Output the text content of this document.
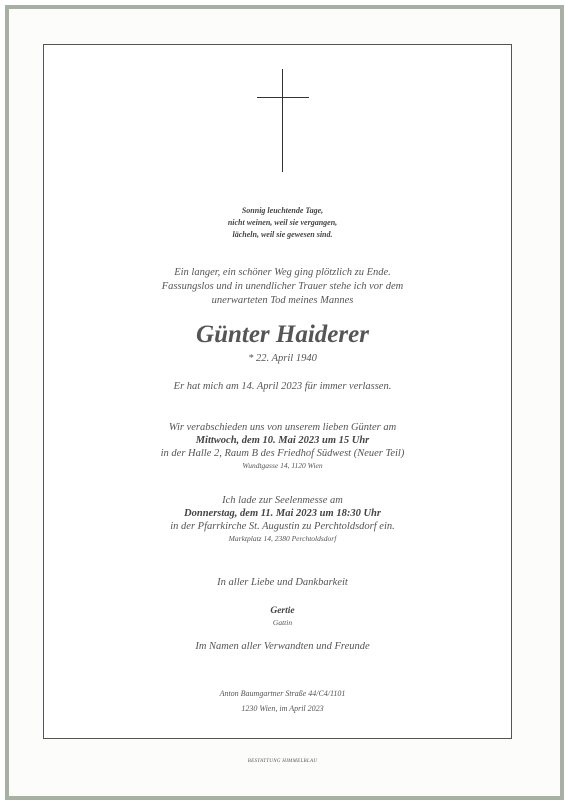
Sonnig leuchtende Tage,
nicht weinen, weil sie vergangen,
lächeln, weil sie gewesen sind.
Ein langer, ein schöner Weg ging plötzlich zu Ende.
Fassungslos und in unendlicher Trauer stehe ich vor dem
unerwarteten Tod meines Mannes
Günter Haiderer
* 22. April 1940
Er hat mich am 14. April 2023 für immer verlassen.
Wir verabschieden uns von unserem lieben Günter am
Mittwoch, dem 10. Mai 2023 um 15 Uhr
in der Halle 2, Raum B des Friedhof Südwest (Neuer Teil)
Wundtgasse 14, 1120 Wien
Ich lade zur Seelenmesse am
Donnerstag, dem 11. Mai 2023 um 18:30 Uhr
in der Pfarrkirche St. Augustin zu Perchtoldsdorf ein.
Marktplatz 14, 2380 Perchtoldsdorf
In aller Liebe und Dankbarkeit
Gertie
Gattin
Im Namen aller Verwandten und Freunde
Anton Baumgartner Straße 44/C4/1101
1230 Wien, im April 2023
BESTATTUNG HIMMELBLAU
